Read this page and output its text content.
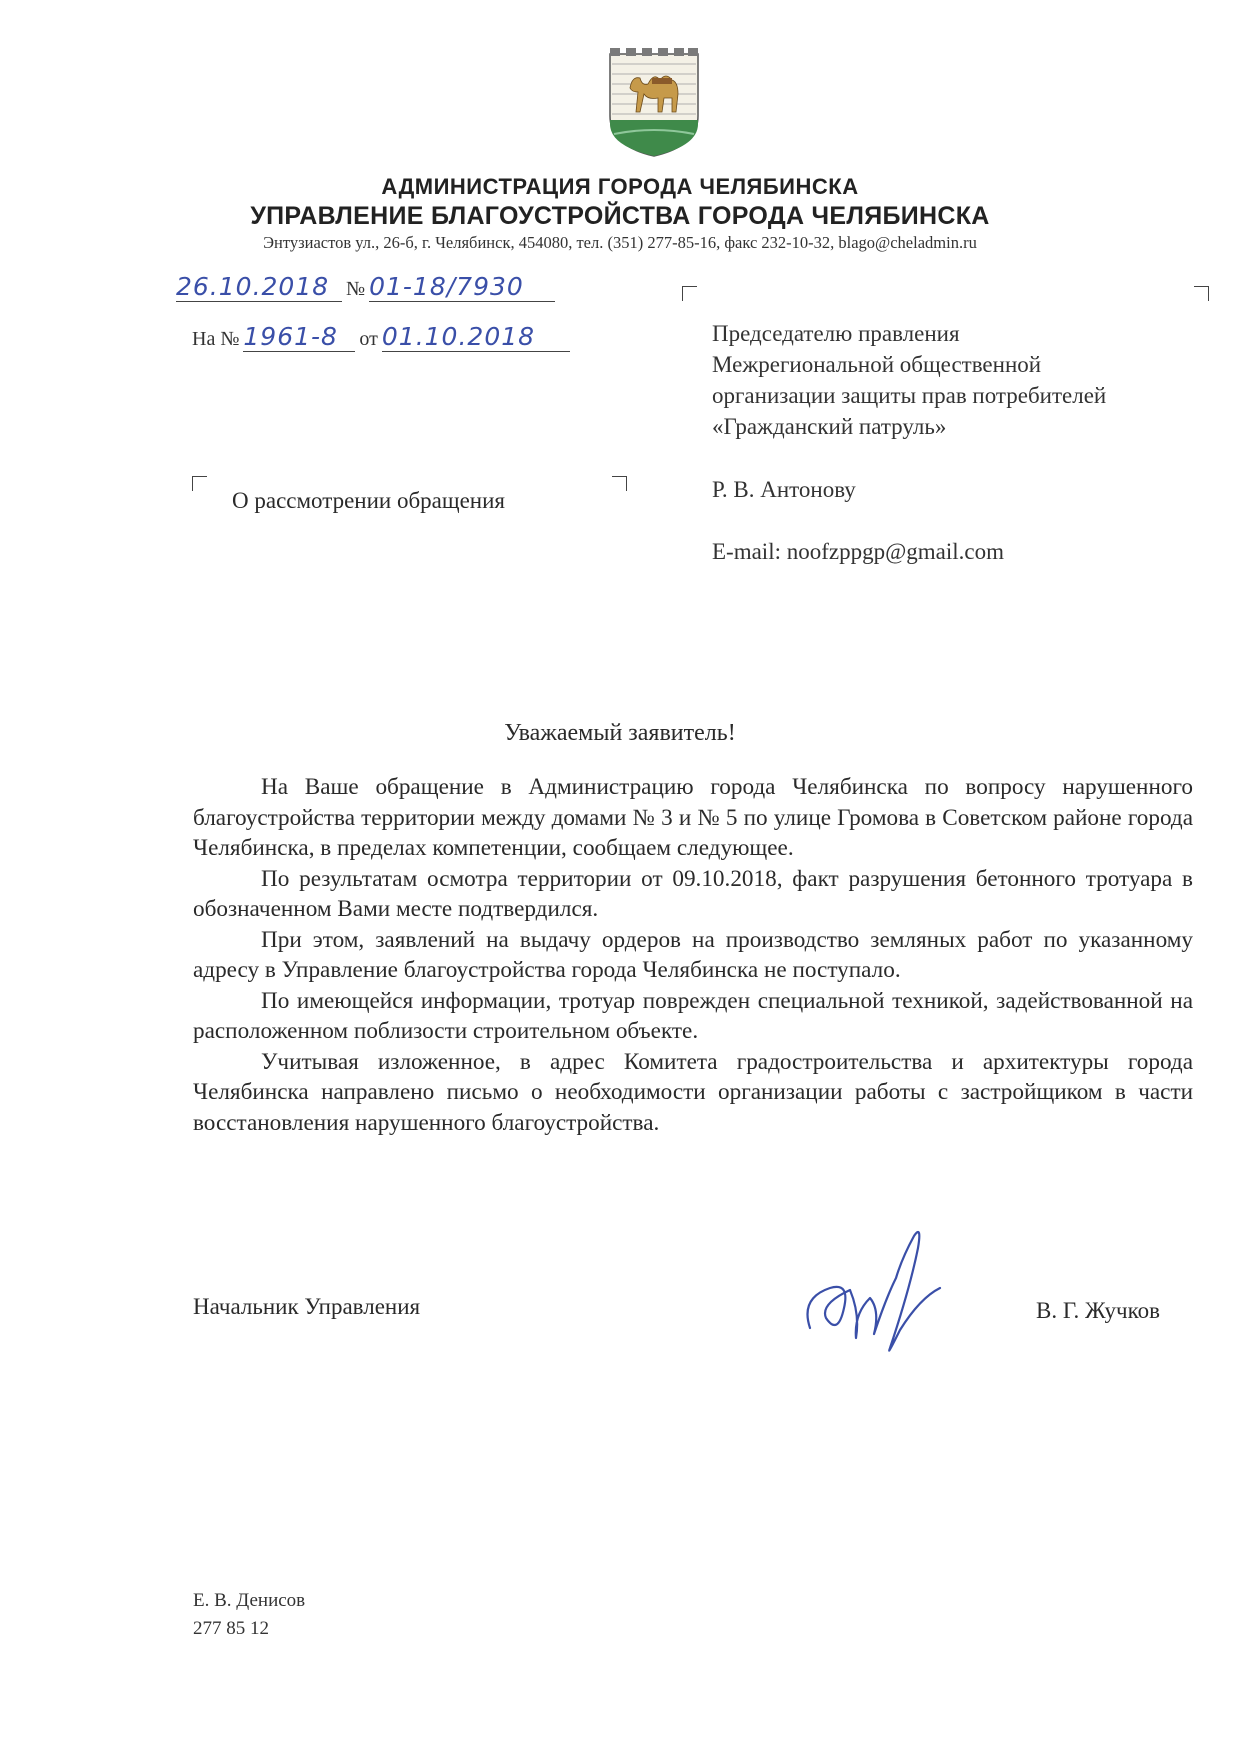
АДМИНИСТРАЦИЯ ГОРОДА ЧЕЛЯБИНСКА
УПРАВЛЕНИЕ БЛАГОУСТРОЙСТВА ГОРОДА ЧЕЛЯБИНСКА
Энтузиастов ул., 26-б, г. Челябинск, 454080, тел. (351) 277-85-16, факс 232-10-32, blago@cheladmin.ru
26.10.2018 № 01-18/7930
На № 1961-8 от 01.10.2018	Председателю правления
Межрегиональной общественной
организации защиты прав потребителей
«Гражданский патруль»
Р. В. Антонову
E-mail: noofzppgp@gmail.com
О рассмотрении обращения
Уважаемый заявитель!

На Ваше обращение в Администрацию города Челябинска по вопросу нарушенного благоустройства территории между домами № 3 и № 5 по улице Громова в Советском районе города Челябинска, в пределах компетенции, сообщаем следующее.

По результатам осмотра территории от 09.10.2018, факт разрушения бетонного тротуара в обозначенном Вами месте подтвердился.

При этом, заявлений на выдачу ордеров на производство земляных работ по указанному адресу в Управление благоустройства города Челябинска не поступало.

По имеющейся информации, тротуар поврежден специальной техникой, задействованной на расположенном поблизости строительном объекте.

Учитывая изложенное, в адрес Комитета градостроительства и архитектуры города Челябинска направлено письмо о необходимости организации работы с застройщиком в части восстановления нарушенного благоустройства.

Начальник Управления	В. Г. Жучков
Е. В. Денисов
277 85 12
